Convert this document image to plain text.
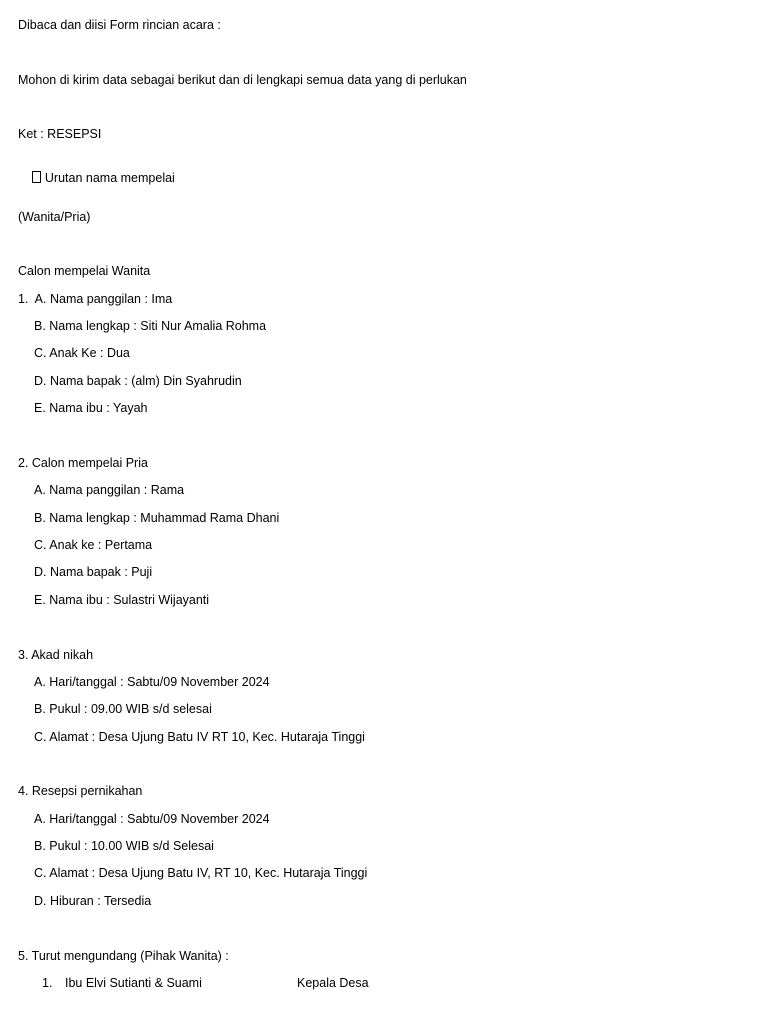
Dibaca dan diisi Form rincian acara :
Mohon di kirim data sebagai berikut dan di lengkapi semua data yang di perlukan
Ket : RESEPSI

Urutan nama mempelai

(Wanita/Pria)
Calon mempelai Wanita
1.  A. Nama panggilan : Ima
B. Nama lengkap : Siti Nur Amalia Rohma
C. Anak Ke : Dua
D. Nama bapak : (alm) Din Syahrudin
E. Nama ibu : Yayah
2. Calon mempelai Pria
A. Nama panggilan : Rama
B. Nama lengkap : Muhammad Rama Dhani
C. Anak ke : Pertama
D. Nama bapak : Puji
E. Nama ibu : Sulastri Wijayanti
3. Akad nikah
A. Hari/tanggal : Sabtu/09 November 2024
B. Pukul : 09.00 WIB s/d selesai
C. Alamat : Desa Ujung Batu IV RT 10, Kec. Hutaraja Tinggi
4. Resepsi pernikahan
A. Hari/tanggal : Sabtu/09 November 2024
B. Pukul : 10.00 WIB s/d Selesai
C. Alamat : Desa Ujung Batu IV, RT 10, Kec. Hutaraja Tinggi
D. Hiburan : Tersedia
5. Turut mengundang (Pihak Wanita) :
1. Ibu Elvi Sutianti & Suami	Kepala Desa
